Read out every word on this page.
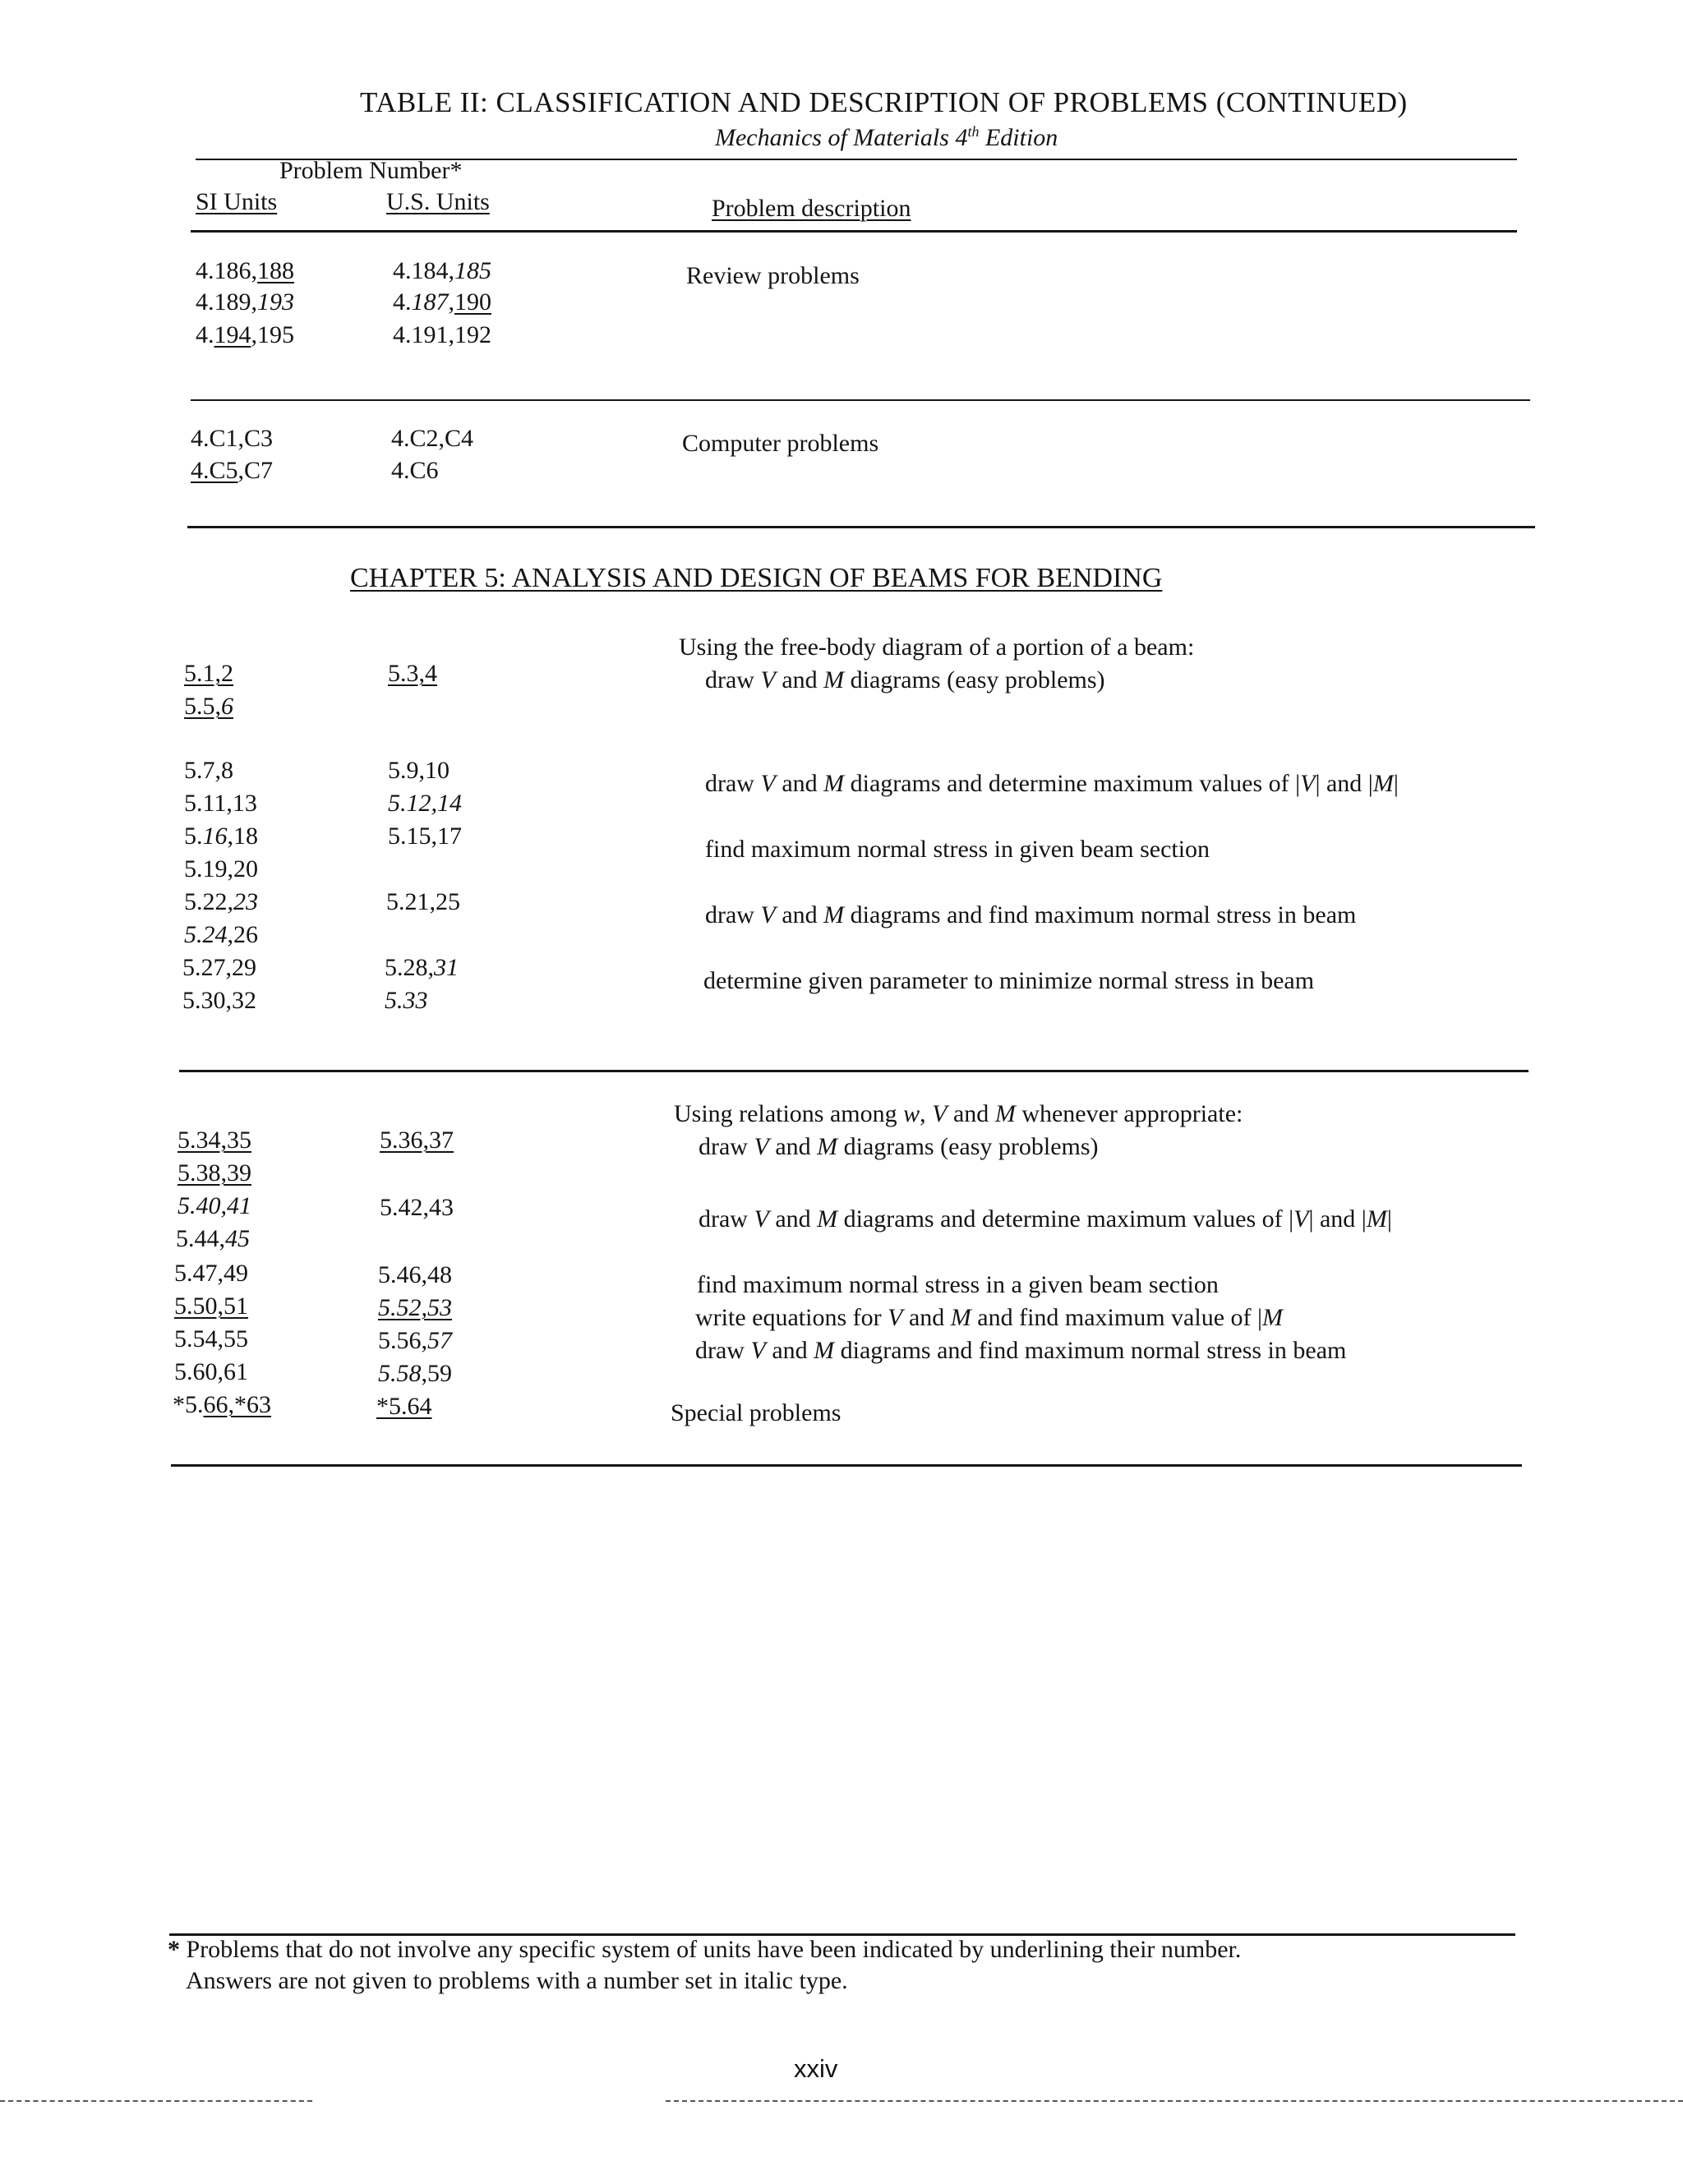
TABLE II: CLASSIFICATION AND DESCRIPTION OF PROBLEMS (CONTINUED)
Mechanics of Materials 4th Edition
Problem Number*
SI Units	U.S. Units	Problem description
4.186,188	4.184,185	Review problems
4.189,193	4.187,190
4.194,195	4.191,192
4.C1,C3	4.C2,C4	Computer problems
4.C5,C7	4.C6
CHAPTER 5: ANALYSIS AND DESIGN OF BEAMS FOR BENDING
Using the free-body diagram of a portion of a beam:
draw V and M diagrams (easy problems)
5.1,2	5.3,4
5.5,6
5.7,8	5.9,10	draw V and M diagrams and determine maximum values of |V| and |M|
5.11,13	5.12,14
5.16,18	5.15,17	find maximum normal stress in given beam section
5.19,20
5.22,23	5.21,25	draw V and M diagrams and find maximum normal stress in beam
5.24,26
5.27,29	5.28,31	determine given parameter to minimize normal stress in beam
5.30,32	5.33
Using relations among w, V and M whenever appropriate:
draw V and M diagrams (easy problems)
5.34,35	5.36,37
5.38,39
5.40,41	5.42,43	draw V and M diagrams and determine maximum values of |V| and |M|
5.44,45
5.47,49	5.46,48	find maximum normal stress in a given beam section
5.50,51	5.52,53	write equations for V and M and find maximum value of |M
5.54,55	5.56,57	draw V and M diagrams and find maximum normal stress in beam
5.60,61	5.58,59
*5.66,*63	*5.64	Special problems
* Problems that do not involve any specific system of units have been indicated by underlining their number.
Answers are not given to problems with a number set in italic type.
xxiv
